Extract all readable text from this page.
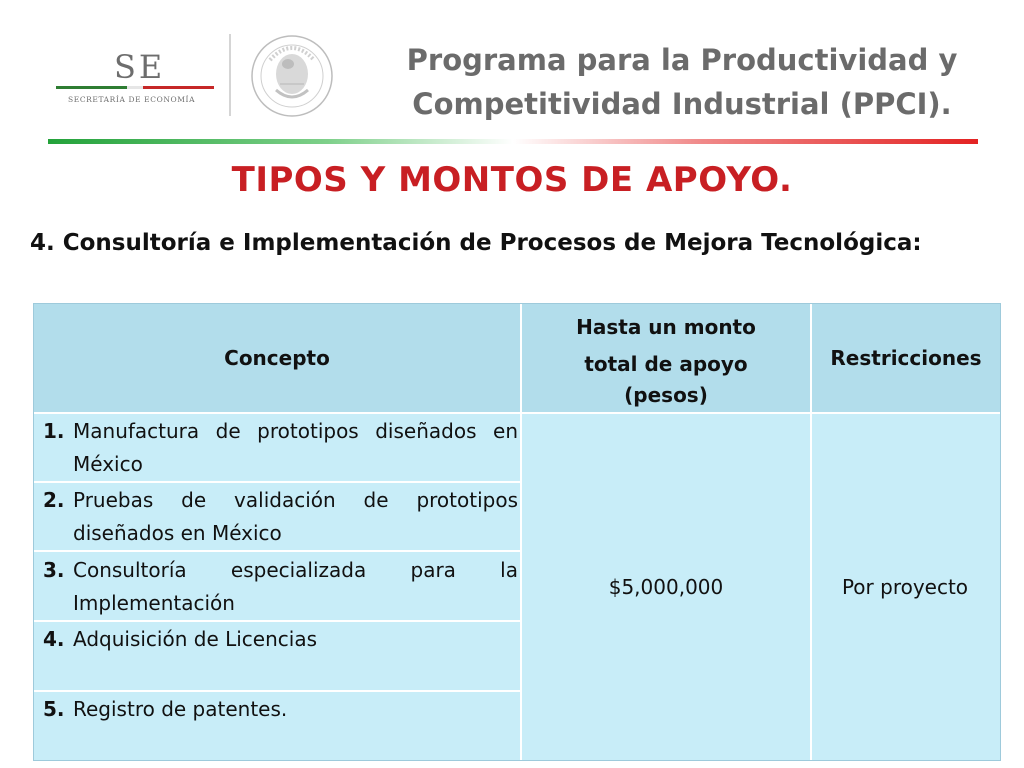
SE
SECRETARÍA DE ECONOMÍA
Programa para la Productividad y
Competitividad Industrial (PPCI).
TIPOS Y MONTOS DE APOYO.
4. Consultoría e Implementación de Procesos de Mejora Tecnológica:
Concepto
Hasta un monto
total de apoyo
(pesos)
Restricciones
1. Manufactura de prototipos diseñados en México
2. Pruebas de validación de prototipos diseñados en México
3. Consultoría especializada para la Implementación
4. Adquisición de Licencias
5. Registro de patentes.
$5,000,000	Por proyecto
